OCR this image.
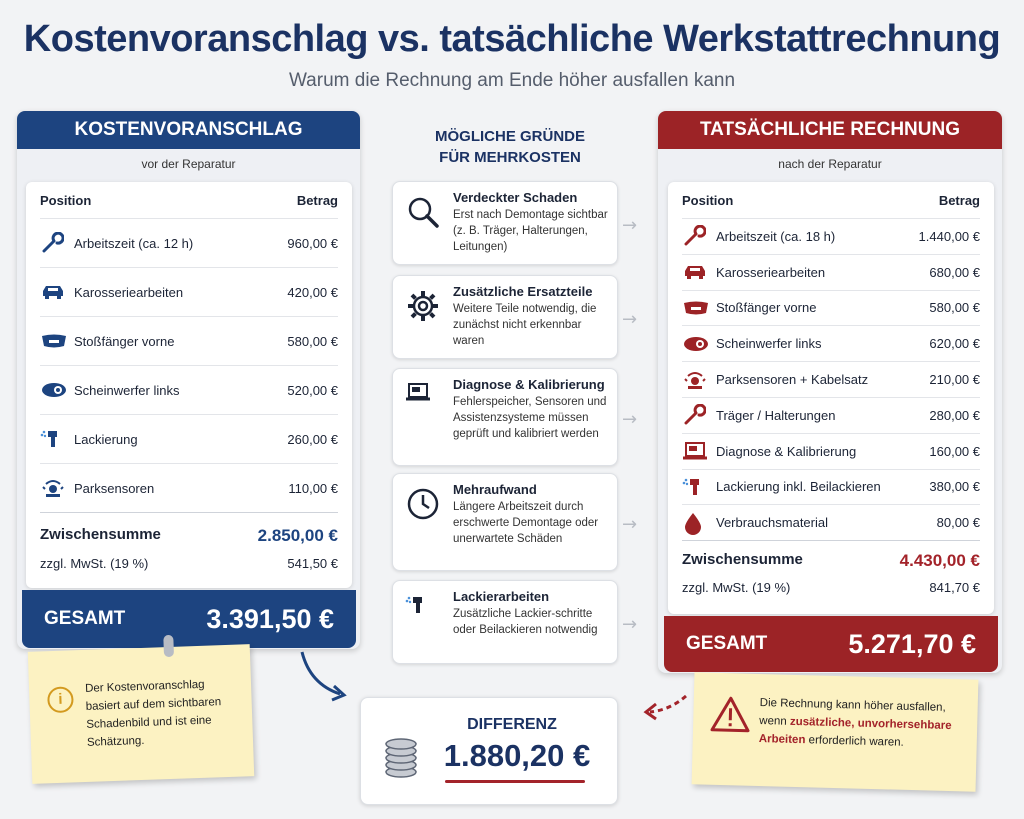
Kostenvoranschlag vs. tatsächliche Werkstattrechnung
Warum die Rechnung am Ende höher ausfallen kann
KOSTENVORANSCHLAG
vor der Reparatur
Position	Betrag
Arbeitszeit (ca. 12 h)	960,00 €
Karosseriearbeiten	420,00 €
Stoßfänger vorne	580,00 €
Scheinwerfer links	520,00 €
Lackierung	260,00 €
Parksensoren	110,00 €
Zwischensumme	2.850,00 €
zzgl. MwSt. (19 %)	541,50 €
GESAMT	3.391,50 €
MÖGLICHE GRÜNDE
FÜR MEHRKOSTEN
Verdeckter Schaden
Erst nach Demontage sichtbar (z. B. Träger, Halterungen, Leitungen)
→
Zusätzliche Ersatzteile
Weitere Teile notwendig, die zunächst nicht erkennbar waren
→
Diagnose & Kalibrierung
Fehlerspeicher, Sensoren und Assistenzsysteme müssen geprüft und kalibriert werden
→
Mehraufwand
Längere Arbeitszeit durch erschwerte Demontage oder unerwartete Schäden
→
Lackierarbeiten
Zusätzliche Lackier-schritte oder Beilackieren notwendig	→
TATSÄCHLICHE RECHNUNG
nach der Reparatur
Position	Betrag
Arbeitszeit (ca. 18 h)	1.440,00 €
Karosseriearbeiten	680,00 €
Stoßfänger vorne	580,00 €
Scheinwerfer links	620,00 €
Parksensoren + Kabelsatz	210,00 €
Träger / Halterungen	280,00 €
Diagnose & Kalibrierung	160,00 €
Lackierung inkl. Beilackieren	380,00 €
Verbrauchsmaterial	80,00 €
Zwischensumme	4.430,00 €
zzgl. MwSt. (19 %)	841,70 €
GESAMT	5.271,70 €
i
Der Kostenvoranschlag basiert auf dem sichtbaren Schadenbild und ist eine Schätzung.
DIFFERENZ
1.880,20 €
Die Rechnung kann höher ausfallen, wenn zusätzliche, unvorhersehbare Arbeiten erforderlich waren.
